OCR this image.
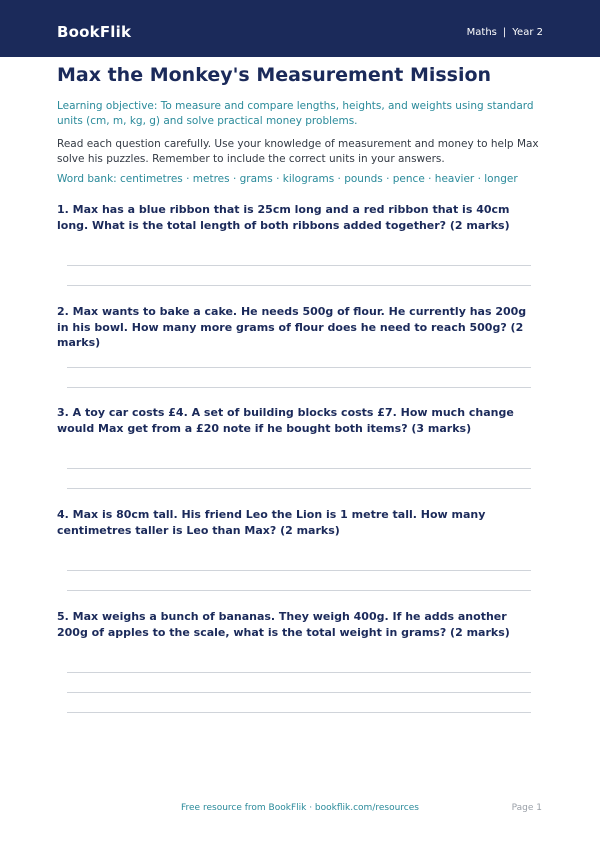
BookFlik	Maths | Year 2
Max the Monkey's Measurement Mission
Learning objective: To measure and compare lengths, heights, and weights using standard units (cm, m, kg, g) and solve practical money problems.
Read each question carefully. Use your knowledge of measurement and money to help Max solve his puzzles. Remember to include the correct units in your answers.
Word bank: centimetres · metres · grams · kilograms · pounds · pence · heavier · longer
1. Max has a blue ribbon that is 25cm long and a red ribbon that is 40cm long. What is the total length of both ribbons added together? (2 marks)
2. Max wants to bake a cake. He needs 500g of flour. He currently has 200g in his bowl. How many more grams of flour does he need to reach 500g? (2 marks)
3. A toy car costs £4. A set of building blocks costs £7. How much change would Max get from a £20 note if he bought both items? (3 marks)
4. Max is 80cm tall. His friend Leo the Lion is 1 metre tall. How many centimetres taller is Leo than Max? (2 marks)
5. Max weighs a bunch of bananas. They weigh 400g. If he adds another 200g of apples to the scale, what is the total weight in grams? (2 marks)
Free resource from BookFlik · bookflik.com/resources	Page 1
